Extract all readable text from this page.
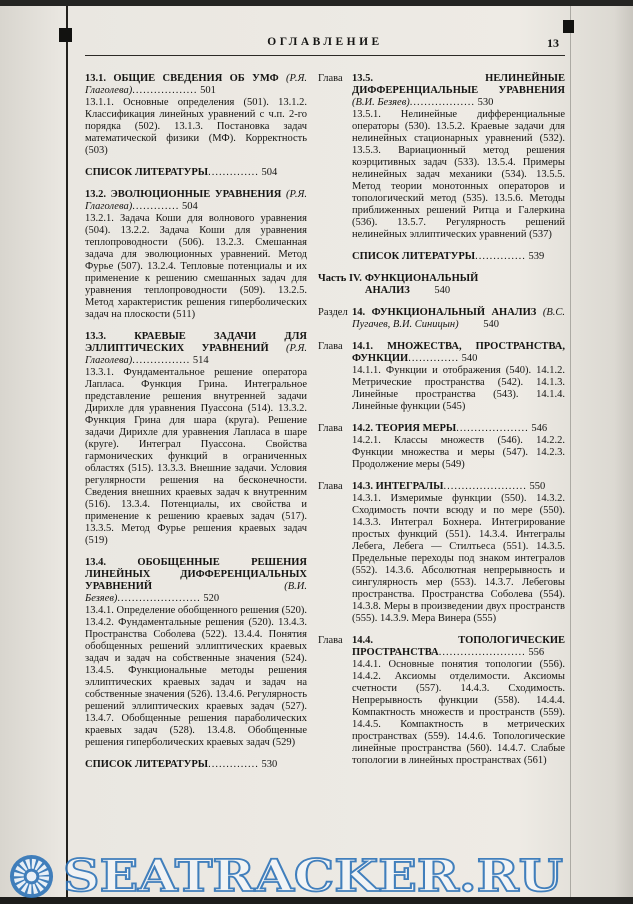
ОГЛАВЛЕНИЕ	13
13.1. ОБЩИЕ СВЕДЕНИЯ ОБ УМФ (Р.Я. Глаголева).................. 501
13.1.1. Основные определения (501). 13.1.2. Классификация линейных уравнений с ч.п. 2-го порядка (502). 13.1.3. Постановка задач математической физики (МФ). Корректность (503)
СПИСОК ЛИТЕРАТУРЫ.............. 504
13.2. ЭВОЛЮЦИОННЫЕ УРАВНЕНИЯ (Р.Я. Глаголева)............. 504
13.2.1. Задача Коши для волнового уравнения (504). 13.2.2. Задача Коши для уравнения теплопроводности (506). 13.2.3. Смешанная задача для эволюционных уравнений. Метод Фурье (507). 13.2.4. Тепловые потенциалы и их применение к решению смешанных задач для уравнения теплопроводности (509). 13.2.5. Метод характеристик решения гиперболических задач на плоскости (511)
13.3. КРАЕВЫЕ ЗАДАЧИ ДЛЯ ЭЛЛИПТИЧЕСКИХ УРАВНЕНИЙ (Р.Я. Глаголева)................ 514
13.3.1. Фундаментальное решение оператора Лапласа. Функция Грина. Интегральное представление решения внутренней задачи Дирихле для уравнения Пуассона (514). 13.3.2. Функция Грина для шара (круга). Решение задачи Дирихле для уравнения Лапласа в шаре (круге). Интеграл Пуассона. Свойства гармонических функций в ограниченных областях (515). 13.3.3. Внешние задачи. Условия регулярности решения на бесконечности. Сведения внешних краевых задач к внутренним (516). 13.3.4. Потенциалы, их свойства и применение к решению краевых задач (517). 13.3.5. Метод Фурье решения краевых задач (519)
13.4. ОБОБЩЕННЫЕ РЕШЕНИЯ ЛИНЕЙНЫХ ДИФФЕРЕНЦИАЛЬНЫХ УРАВНЕНИЙ	(В.И. Безяев)....................... 520
13.4.1. Определение обобщенного решения (520). 13.4.2. Фундаментальные решения (520). 13.4.3. Пространства Соболева (522). 13.4.4. Понятия обобщенных решений эллиптических краевых задач и задач на собственные значения (524). 13.4.5. Функциональные методы решения эллиптических краевых задач и задач на собственные значения (526). 13.4.6. Регулярность решений эллиптических краевых задач (527). 13.4.7. Обобщенные решения параболических краевых задач (528). 13.4.8. Обобщенные решения гиперболических краевых задач (529)
СПИСОК ЛИТЕРАТУРЫ.............. 530
Глава 13.5. НЕЛИНЕЙНЫЕ ДИФФЕРЕНЦИАЛЬНЫЕ УРАВНЕНИЯ (В.И. Безяев).................. 530
13.5.1. Нелинейные дифференциальные операторы (530). 13.5.2. Краевые задачи для нелинейных стационарных уравнений (532). 13.5.3. Вариационный метод решения коэрцитивных задач (533). 13.5.4. Примеры нелинейных задач механики (534). 13.5.5. Метод теории монотонных операторов и топологический метод (535). 13.5.6. Методы приближенных решений Ритца и Галеркина (536). 13.5.7. Регулярность решений нелинейных эллиптических уравнений (537)
СПИСОК ЛИТЕРАТУРЫ.............. 539
Часть IV. ФУНКЦИОНАЛЬНЫЙ АНАЛИЗ 540
Раздел 14. ФУНКЦИОНАЛЬНЫЙ АНАЛИЗ (В.С. Пугачев, В.И. Синицын) 540
Глава 14.1. МНОЖЕСТВА, ПРОСТРАНСТВА, ФУНКЦИИ.............. 540
14.1.1. Функции и отображения (540). 14.1.2. Метрические пространства (542). 14.1.3. Линейные пространства (543). 14.1.4. Линейные функции (545)
Глава 14.2. ТЕОРИЯ МЕРЫ.................... 546
14.2.1. Классы множеств (546). 14.2.2. Функции множества и меры (547). 14.2.3. Продолжение меры (549)
Глава 14.3. ИНТЕГРАЛЫ....................... 550
14.3.1. Измеримые функции (550). 14.3.2. Сходимость почти всюду и по мере (550). 14.3.3. Интеграл Бохнера. Интегрирование простых функций (551). 14.3.4. Интегралы Лебега, Лебега — Стилтьеса (551). 14.3.5. Предельные переходы под знаком интегралов (552). 14.3.6. Абсолютная непрерывность и сингулярность мер (553). 14.3.7. Лебеговы пространства. Пространства Соболева (554). 14.3.8. Меры в произведении двух пространств (555). 14.3.9. Мера Винера (555)
Глава 14.4. ТОПОЛОГИЧЕСКИЕ ПРОСТРАНСТВА........................ 556
14.4.1. Основные понятия топологии (556). 14.4.2. Аксиомы отделимости. Аксиомы счетности (557). 14.4.3. Сходимость. Непрерывность функции (558). 14.4.4. Компактность множеств и пространств (559). 14.4.5. Компактность в метрических пространствах (559). 14.4.6. Топологические линейные пространства (560). 14.4.7. Слабые топологии в линейных пространствах (561)
SEATRACKER.RU
